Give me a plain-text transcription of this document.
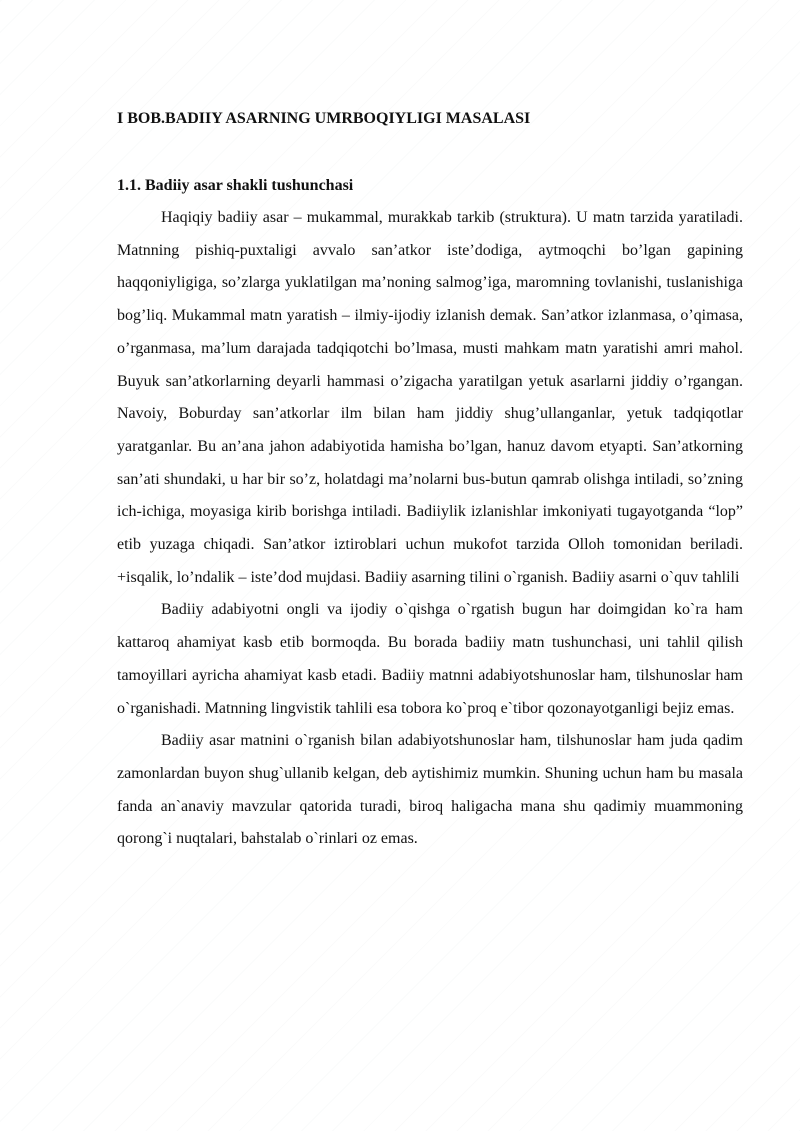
I BOB.BADIIY ASARNING UMRBOQIYLIGI MASALASI
1.1. Badiiy asar shakli tushunchasi

Haqiqiy badiiy asar – mukammal, murakkab tarkib (struktura). U matn tarzida yaratiladi. Matnning pishiq-puxtaligi avvalo san’atkor iste’dodiga, aytmoqchi bo’lgan gapining haqqoniyligiga, so’zlarga yuklatilgan ma’noning salmog’iga, maromning tovlanishi, tuslanishiga bog’liq. Mukammal matn yaratish – ilmiy-ijodiy izlanish demak. San’atkor izlanmasa, o’qimasa, o’rganmasa, ma’lum darajada tadqiqotchi bo’lmasa, musti mahkam matn yaratishi amri mahol. Buyuk san’atkorlarning deyarli hammasi o’zigacha yaratilgan yetuk asarlarni jiddiy o’rgangan. Navoiy, Boburday san’atkorlar ilm bilan ham jiddiy shug’ullanganlar, yetuk tadqiqotlar yaratganlar. Bu an’ana jahon adabiyotida hamisha bo’lgan, hanuz davom etyapti. San’atkorning san’ati shundaki, u har bir so’z, holatdagi ma’nolarni bus-butun qamrab olishga intiladi, so’zning ich-ichiga, moyasiga kirib borishga intiladi. Badiiylik izlanishlar imkoniyati tugayotganda “lop” etib yuzaga chiqadi. San’atkor iztiroblari uchun mukofot tarzida Olloh tomonidan beriladi. +isqalik, lo’ndalik – iste’dod mujdasi. Badiiy asarning tilini o`rganish. Badiiy asarni o`quv tahlili

Badiiy adabiyotni ongli va ijodiy o`qishga o`rgatish bugun har doimgidan ko`ra ham kattaroq ahamiyat kasb etib bormoqda. Bu borada badiiy matn tushunchasi, uni tahlil qilish tamoyillari ayricha ahamiyat kasb etadi. Badiiy matnni adabiyotshunoslar ham, tilshunoslar ham o`rganishadi. Matnning lingvistik tahlili esa tobora ko`proq e`tibor qozonayotganligi bejiz emas.

Badiiy asar matnini o`rganish bilan adabiyotshunoslar ham, tilshunoslar ham juda qadim zamonlardan buyon shug`ullanib kelgan, deb aytishimiz mumkin. Shuning uchun ham bu masala fanda an`anaviy mavzular qatorida turadi, biroq haligacha mana shu qadimiy muammoning qorong`i nuqtalari, bahstalab o`rinlari oz emas.
